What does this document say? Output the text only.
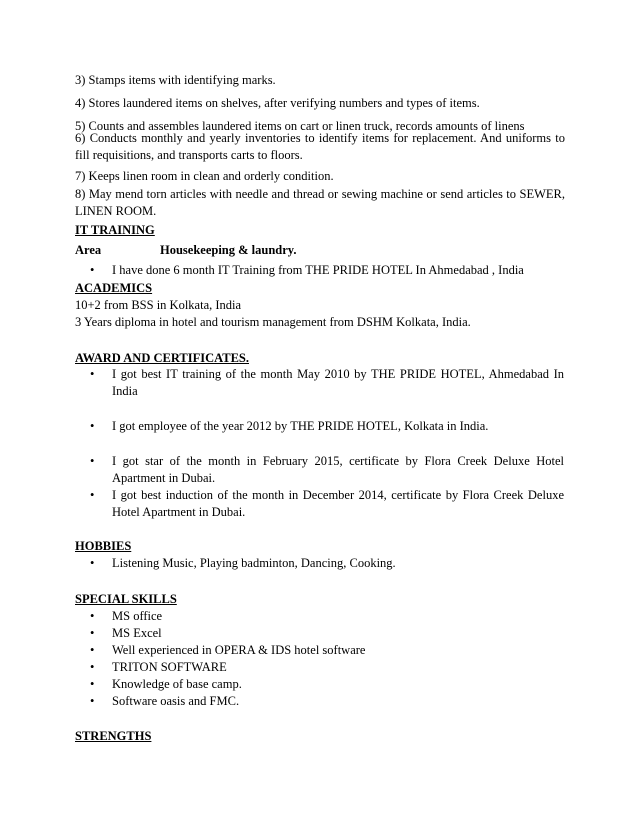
3) Stamps items with identifying marks.
4) Stores laundered items on shelves, after verifying numbers and types of items.
5) Counts and assembles laundered items on cart or linen truck, records amounts of linens
6) Conducts monthly and yearly inventories to identify items for replacement. And uniforms to fill requisitions, and transports carts to floors.
7) Keeps linen room in clean and orderly condition.
8) May mend torn articles with needle and thread or sewing machine or send articles to SEWER, LINEN ROOM.
IT TRAINING
Area	Housekeeping & laundry.
•	I have done 6 month IT Training from THE PRIDE HOTEL In Ahmedabad , India
ACADEMICS
10+2 from BSS in Kolkata, India
3 Years diploma in hotel and tourism management from DSHM Kolkata, India.
AWARD AND CERTIFICATES.
•	I got best IT training of the month May 2010 by THE PRIDE HOTEL, Ahmedabad In India
•	I got employee of the year 2012 by THE PRIDE HOTEL, Kolkata in India.
•	I got star of the month in February 2015, certificate by Flora Creek Deluxe Hotel Apartment in Dubai.
•	I got best induction of the month in December 2014, certificate by Flora Creek Deluxe Hotel Apartment in Dubai.
HOBBIES
•	Listening Music, Playing badminton, Dancing, Cooking.
SPECIAL SKILLS
•	MS office
•	MS Excel
•	Well experienced in OPERA & IDS hotel software
•	TRITON SOFTWARE
•	Knowledge of base camp.
•	Software oasis and FMC.
STRENGTHS
